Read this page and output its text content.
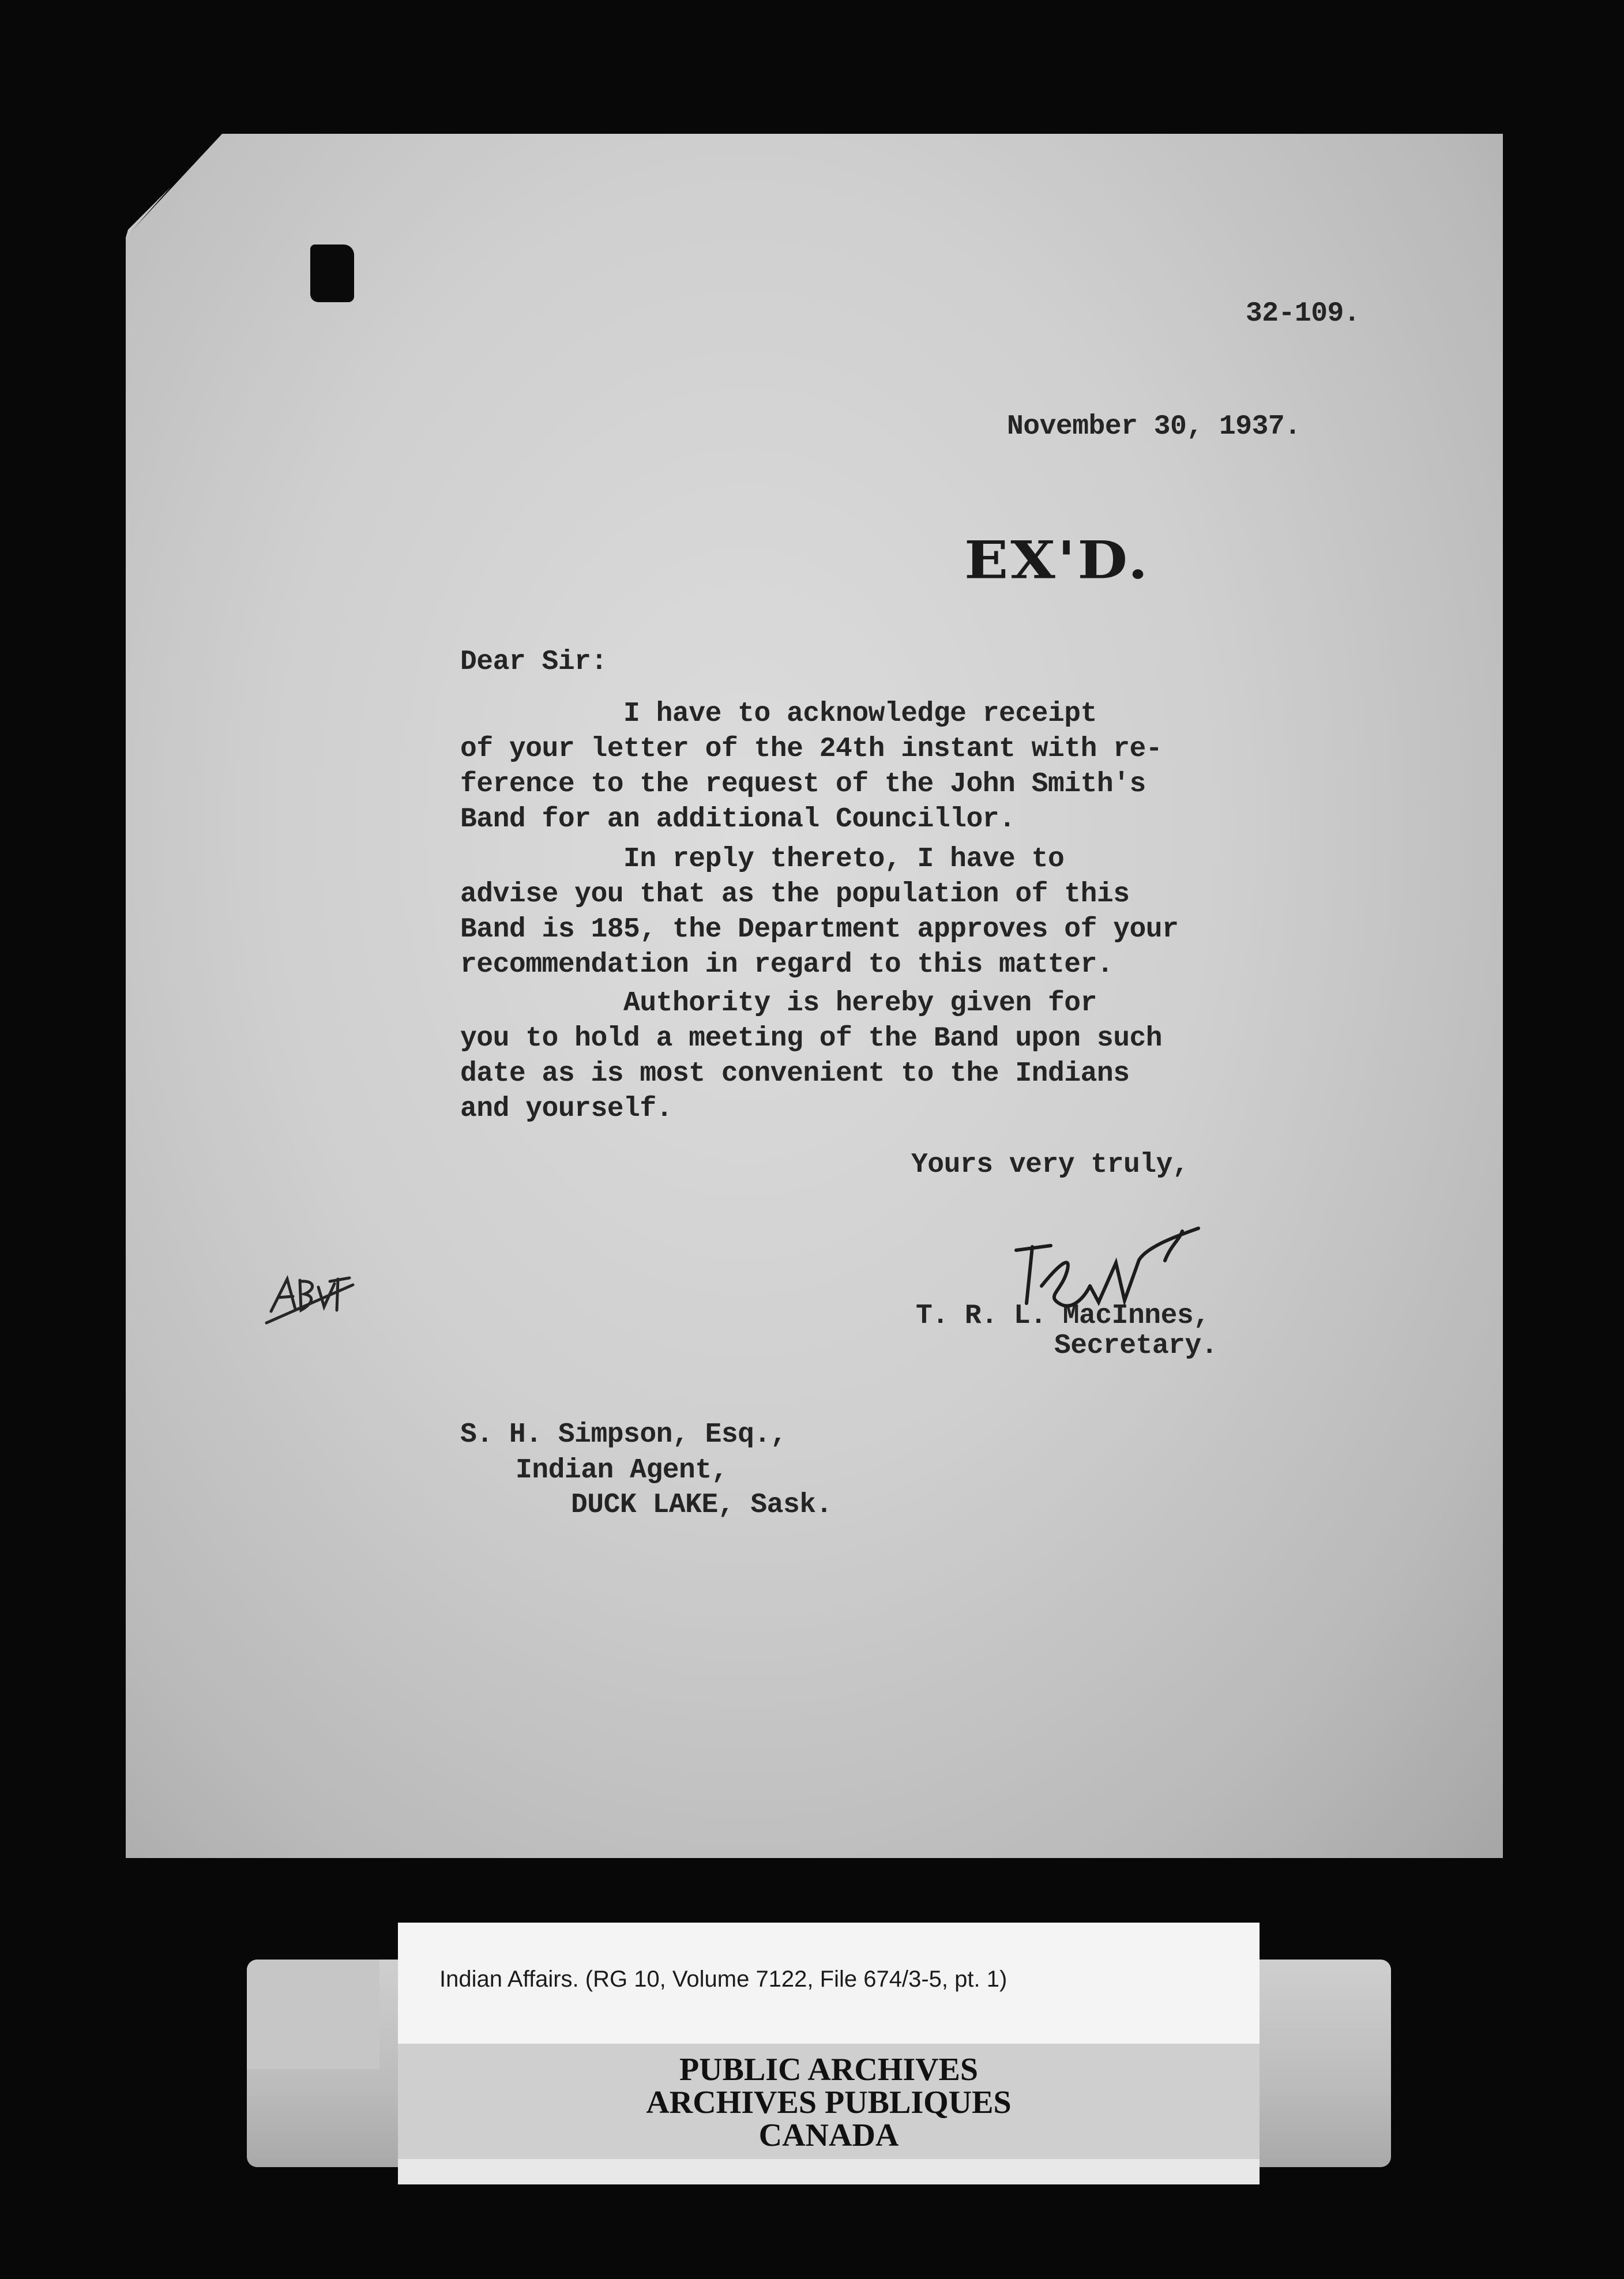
32-109.

November 30, 1937.

EX'D.

Dear Sir:

I have to acknowledge receipt
of your letter of the 24th instant with re-
ference to the request of the John Smith's
Band for an additional Councillor.

In reply thereto, I have to
advise you that as the population of this
Band is 185, the Department approves of your
recommendation in regard to this matter.

Authority is hereby given for
you to hold a meeting of the Band upon such
date as is most convenient to the Indians
and yourself.

Yours very truly,

T. R. L. MacInnes,

Secretary.

S. H. Simpson, Esq.,

Indian Agent,

DUCK LAKE, Sask.

Indian Affairs. (RG 10, Volume 7122, File 674/3-5, pt. 1)

PUBLIC ARCHIVES

ARCHIVES PUBLIQUES

CANADA
